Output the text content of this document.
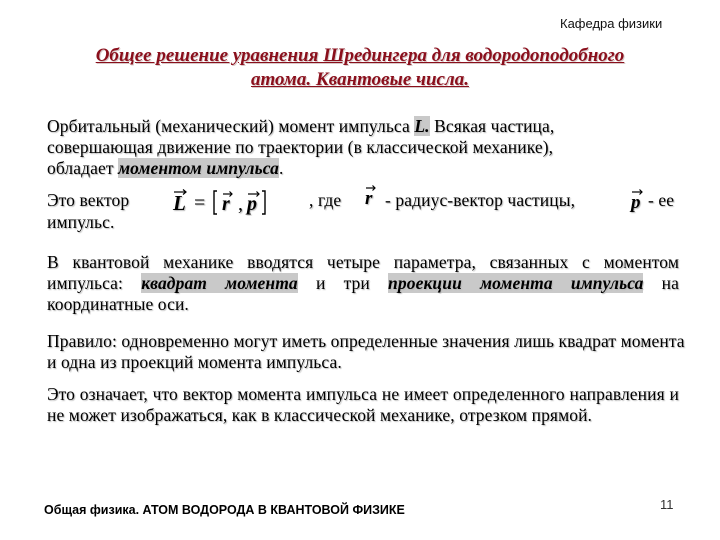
Кафедра физики
Общее решение уравнения Шредингера для водородоподобного
атома. Квантовые числа.
Орбитальный (механический) момент импульса L. Всякая частица,
совершающая движение по траектории (в классической механике),
обладает моментом импульса.
Это вектор L = r , p	, где r - радиус-вектор частицы,	p - ее
импульс.
В квантовой механике вводятся четыре параметра, связанных с моментом импульса: квадрат момента и три проекции момента импульса на координатные оси.
Правило: одновременно могут иметь определенные значения лишь квадрат момента и одна из проекций момента импульса.
Это означает, что вектор момента импульса не имеет определенного направления и не может изображаться, как в классической механике, отрезком прямой.
Общая физика. АТОМ ВОДОРОДА В КВАНТОВОЙ ФИЗИКЕ	11
